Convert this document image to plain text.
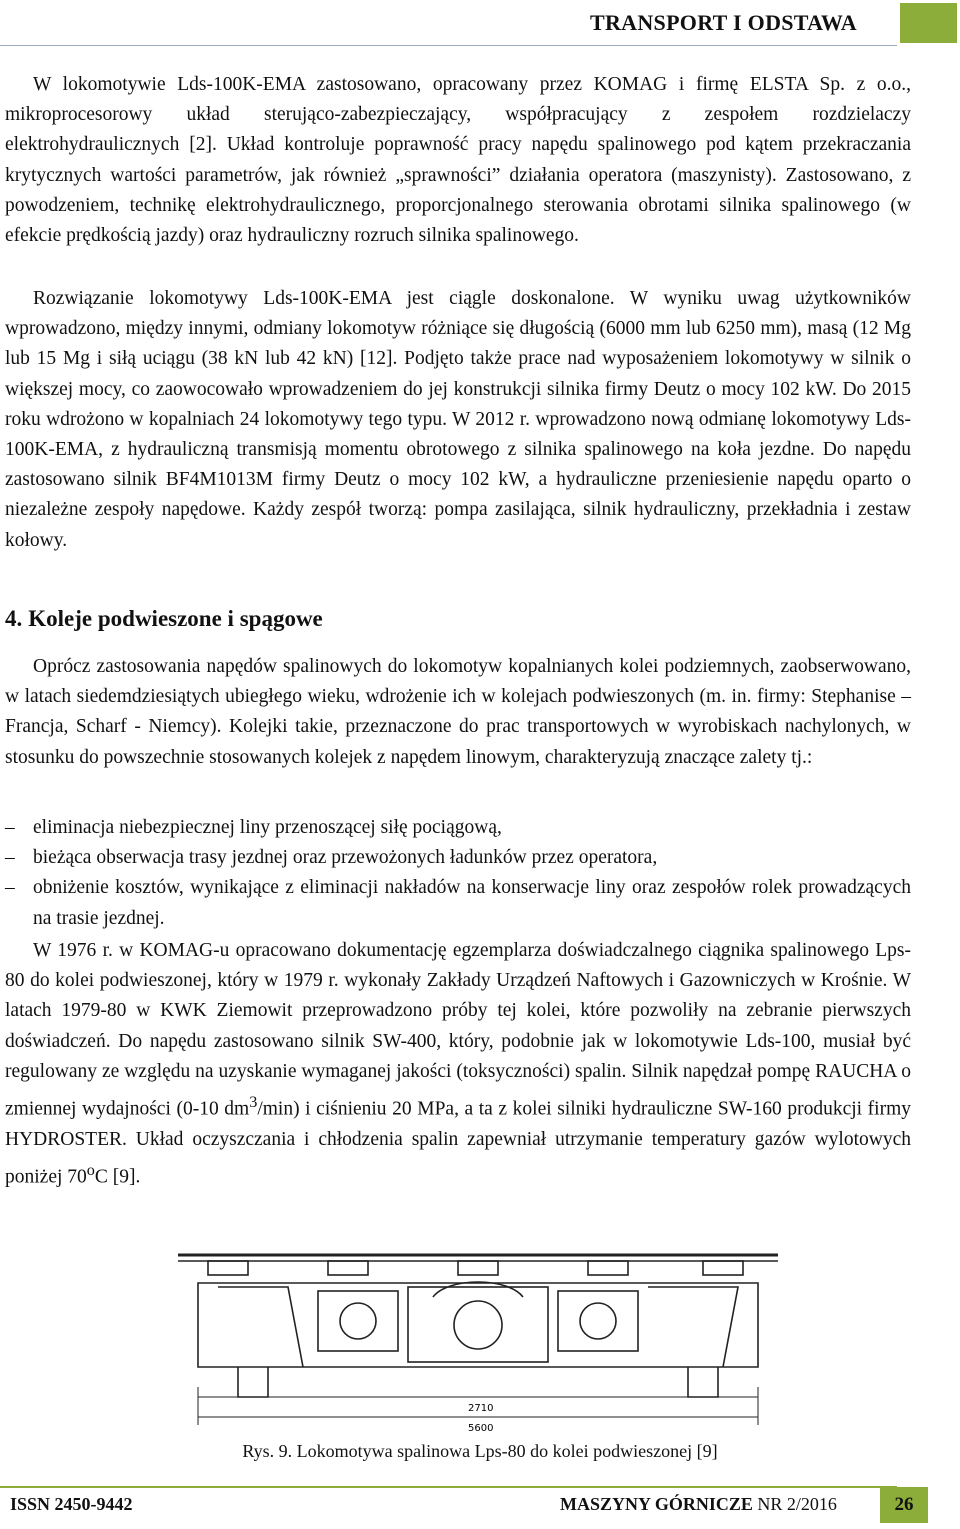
TRANSPORT I ODSTAWA

W lokomotywie Lds-100K-EMA zastosowano, opracowany przez KOMAG i firmę ELSTA Sp. z o.o., mikroprocesorowy układ sterująco-zabezpieczający, współpracujący z zespołem rozdzielaczy elektrohydraulicznych [2]. Układ kontroluje poprawność pracy napędu spalinowego pod kątem przekraczania krytycznych wartości parametrów, jak również „sprawności” działania operatora (maszynisty). Zastosowano, z powodzeniem, technikę elektrohydraulicznego, proporcjonalnego sterowania obrotami silnika spalinowego (w efekcie prędkością jazdy) oraz hydrauliczny rozruch silnika spalinowego.

Rozwiązanie lokomotywy Lds-100K-EMA jest ciągle doskonalone. W wyniku uwag użytkowników wprowadzono, między innymi, odmiany lokomotyw różniące się długością (6000 mm lub 6250 mm), masą (12 Mg lub 15 Mg i siłą uciągu (38 kN lub 42 kN) [12]. Podjęto także prace nad wyposażeniem lokomotywy w silnik o większej mocy, co zaowocowało wprowadzeniem do jej konstrukcji silnika firmy Deutz o mocy 102 kW. Do 2015 roku wdrożono w kopalniach 24 lokomotywy tego typu. W 2012 r. wprowadzono nową odmianę lokomotywy Lds-100K-EMA, z hydrauliczną transmisją momentu obrotowego z silnika spalinowego na koła jezdne. Do napędu zastosowano silnik BF4M1013M firmy Deutz o mocy 102 kW, a hydrauliczne przeniesienie napędu oparto o niezależne zespoły napędowe. Każdy zespół tworzą: pompa zasilająca, silnik hydrauliczny, przekładnia i zestaw kołowy.

4. Koleje podwieszone i spągowe

Oprócz zastosowania napędów spalinowych do lokomotyw kopalnianych kolei podziemnych, zaobserwowano, w latach siedemdziesiątych ubiegłego wieku, wdrożenie ich w kolejach podwieszonych (m. in. firmy: Stephanise – Francja, Scharf - Niemcy). Kolejki takie, przeznaczone do prac transportowych w wyrobiskach nachylonych, w stosunku do powszechnie stosowanych kolejek z napędem linowym, charakteryzują znaczące zalety tj.:

– eliminacja niebezpiecznej liny przenoszącej siłę pociągową,
– bieżąca obserwacja trasy jezdnej oraz przewożonych ładunków przez operatora,
– obniżenie kosztów, wynikające z eliminacji nakładów na konserwacje liny oraz zespołów rolek prowadzących na trasie jezdnej.

W 1976 r. w KOMAG-u opracowano dokumentację egzemplarza doświadczalnego ciągnika spalinowego Lps-80 do kolei podwieszonej, który w 1979 r. wykonały Zakłady Urządzeń Naftowych i Gazowniczych w Krośnie. W latach 1979-80 w KWK Ziemowit przeprowadzono próby tej kolei, które pozwoliły na zebranie pierwszych doświadczeń. Do napędu zastosowano silnik SW-400, który, podobnie jak w lokomotywie Lds-100, musiał być regulowany ze względu na uzyskanie wymaganej jakości (toksyczności) spalin. Silnik napędzał pompę RAUCHA o zmiennej wydajności (0-10 $dm^3/\min$) i ciśnieniu 20 MPa, a ta z kolei silniki hydrauliczne SW-160 produkcji firmy HYDROSTER. Układ oczyszczania i chłodzenia spalin zapewniał utrzymanie temperatury gazów wylotowych poniżej 70$^o$C [9].

2710
5600
Rys. 9. Lokomotywa spalinowa Lps-80 do kolei podwieszonej [9]
ISSN 2450-9442	MASZYNY GÓRNICZE NR 2/2016	26
